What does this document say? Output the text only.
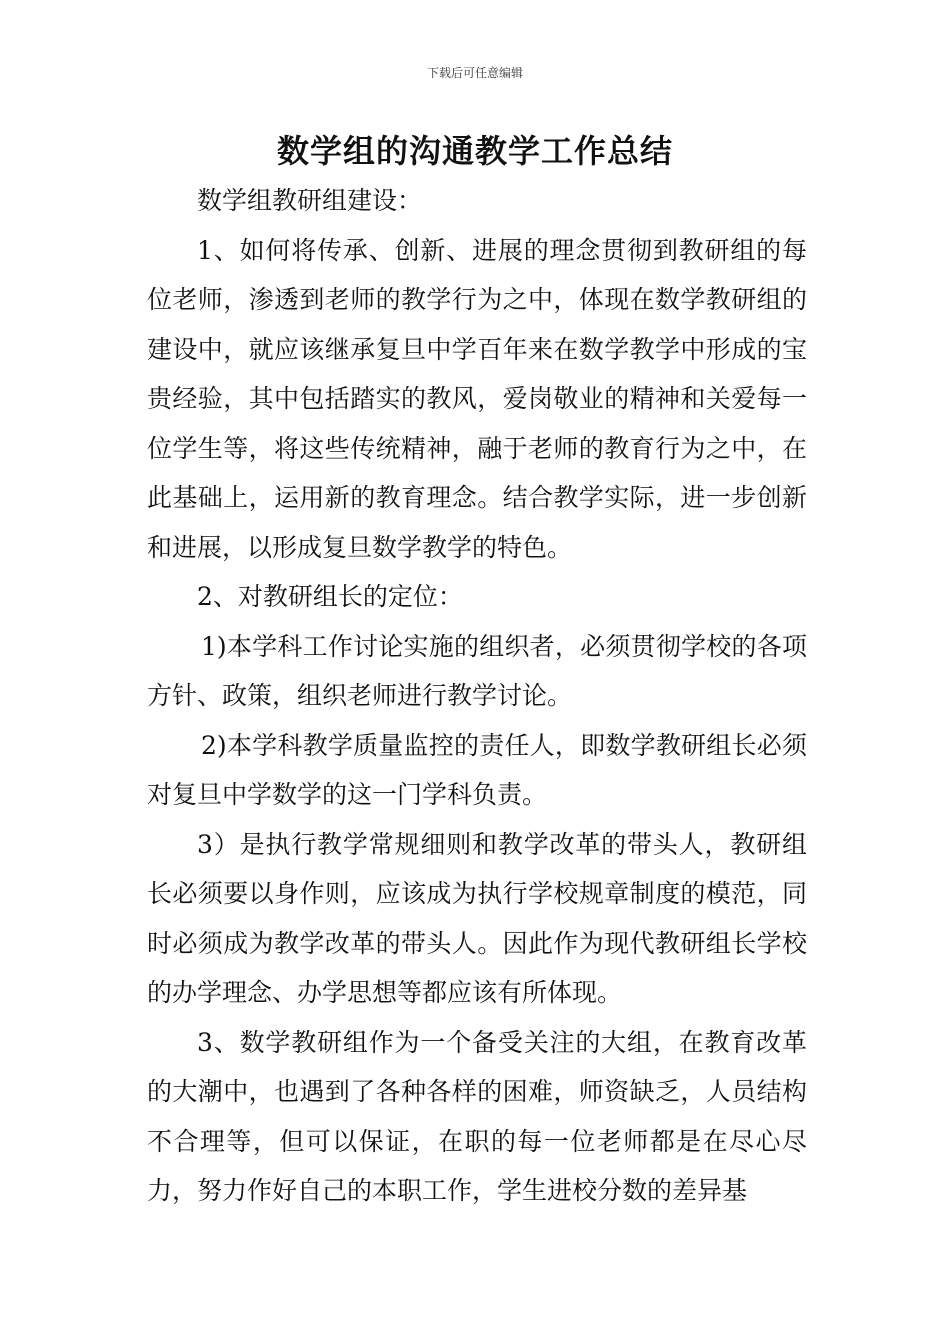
下载后可任意编辑
数学组的沟通教学工作总结

数学组教研组建设：

1、如何将传承、创新、进展的理念贯彻到教研组的每位老师，渗透到老师的教学行为之中，体现在数学教研组的建设中，就应该继承复旦中学百年来在数学教学中形成的宝贵经验，其中包括踏实的教风，爱岗敬业的精神和关爱每一位学生等，将这些传统精神，融于老师的教育行为之中，在此基础上，运用新的教育理念。结合教学实际，进一步创新和进展，以形成复旦数学教学的特色。

2、对教研组长的定位：

1)本学科工作讨论实施的组织者，必须贯彻学校的各项方针、政策，组织老师进行教学讨论。

2)本学科教学质量监控的责任人，即数学教研组长必须对复旦中学数学的这一门学科负责。

3）是执行教学常规细则和教学改革的带头人，教研组长必须要以身作则，应该成为执行学校规章制度的模范，同时必须成为教学改革的带头人。因此作为现代教研组长学校的办学理念、办学思想等都应该有所体现。

3、数学教研组作为一个备受关注的大组，在教育改革的大潮中，也遇到了各种各样的困难，师资缺乏，人员结构不合理等，但可以保证，在职的每一位老师都是在尽心尽力，努力作好自己的本职工作，学生进校分数的差异基
